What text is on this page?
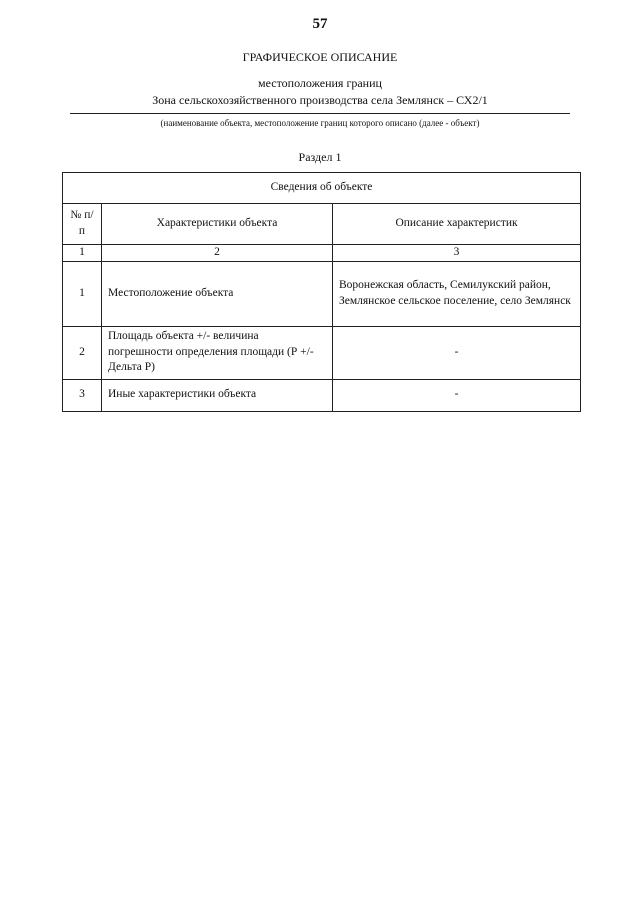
57
ГРАФИЧЕСКОЕ ОПИСАНИЕ
местоположения границ
Зона сельскохозяйственного производства села Землянск – СХ2/1
(наименование объекта, местоположение границ которого описано (далее - объект)
Раздел 1
Сведения об объекте		
№ п/п	Характеристики объекта	Описание характеристик
1	2	3
1	Местоположение объекта	Воронежская область, Семилукский район, Землянское сельское поселение, село Землянск
2	Площадь объекта +/- величина погрешности определения площади (Р +/- Дельта Р)	-
3	Иные характеристики объекта	-
